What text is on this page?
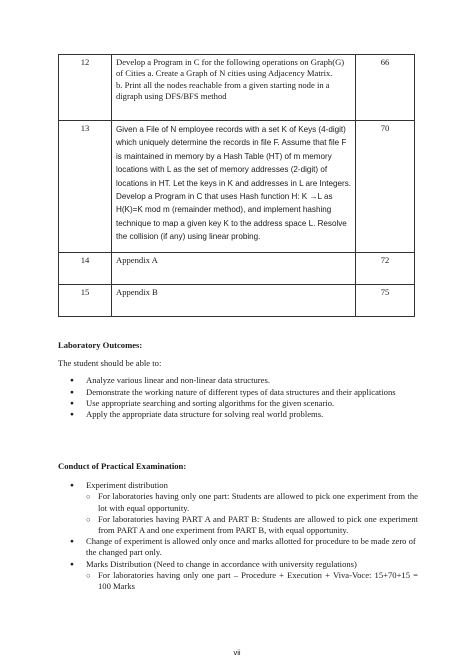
12	Develop a Program in C for the following operations on Graph(G) of Cities a. Create a Graph of N cities using Adjacency Matrix.
b. Print all the nodes reachable from a given starting node in a digraph using DFS/BFS method	66
13	Given a File of N employee records with a set K of Keys (4-digit) which uniquely determine the records in file F. Assume that file F is maintained in memory by a Hash Table (HT) of m memory locations with L as the set of memory addresses (2-digit) of locations in HT. Let the keys in K and addresses in L are Integers. Develop a Program in C that uses Hash function H: K →L as H(K)=K mod m (remainder method), and implement hashing technique to map a given key K to the address space L. Resolve the collision (if any) using linear probing.	70
14	Appendix A	72
15	Appendix B	75
Laboratory Outcomes:
The student should be able to:
● Analyze various linear and non-linear data structures.
● Demonstrate the working nature of different types of data structures and their applications
● Use appropriate searching and sorting algorithms for the given scenario.
● Apply the appropriate data structure for solving real world problems.
Conduct of Practical Examination:
● Experiment distribution
○ For laboratories having only one part: Students are allowed to pick one experiment from the lot with equal opportunity.
○ For laboratories having PART A and PART B: Students are allowed to pick one experiment from PART A and one experiment from PART B, with equal opportunity.
● Change of experiment is allowed only once and marks allotted for procedure to be made zero of the changed part only.
● Marks Distribution (Need to change in accordance with university regulations)
○ For laboratories having only one part – Procedure + Execution + Viva-Voce: 15+70+15 = 100 Marks
vii
